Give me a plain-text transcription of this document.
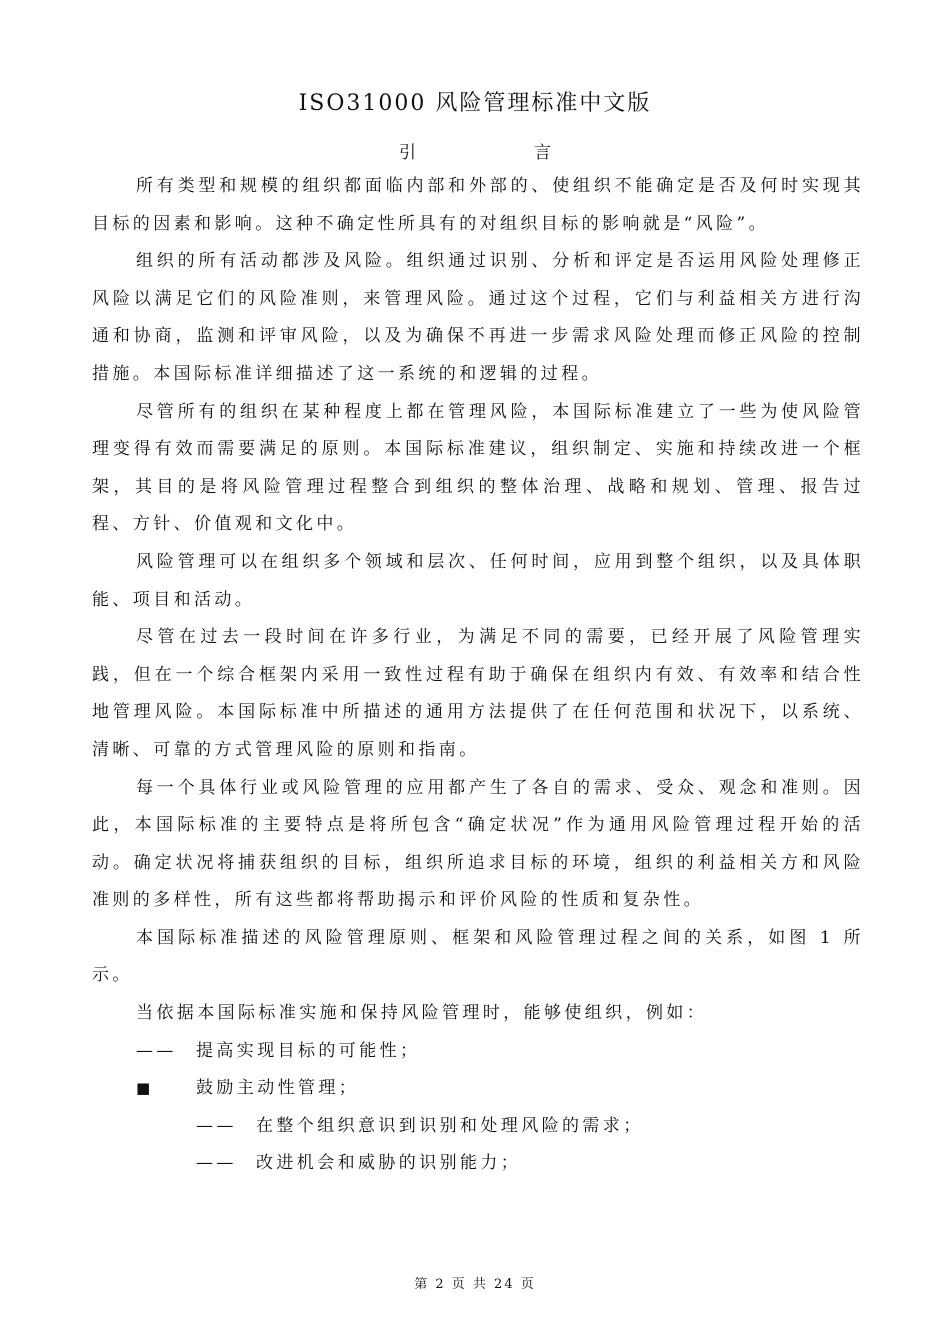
ISO31000 风险管理标准中文版
引	言

所有类型和规模的组织都面临内部和外部的、使组织不能确定是否及何时实现其目标的因素和影响。这种不确定性所具有的对组织目标的影响就是“风险”。

组织的所有活动都涉及风险。组织通过识别、分析和评定是否运用风险处理修正风险以满足它们的风险准则，来管理风险。通过这个过程，它们与利益相关方进行沟通和协商，监测和评审风险，以及为确保不再进一步需求风险处理而修正风险的控制措施。本国际标准详细描述了这一系统的和逻辑的过程。

尽管所有的组织在某种程度上都在管理风险，本国际标准建立了一些为使风险管理变得有效而需要满足的原则。本国际标准建议，组织制定、实施和持续改进一个框架，其目的是将风险管理过程整合到组织的整体治理、战略和规划、管理、报告过程、方针、价值观和文化中。

风险管理可以在组织多个领域和层次、任何时间，应用到整个组织，以及具体职能、项目和活动。

尽管在过去一段时间在许多行业，为满足不同的需要，已经开展了风险管理实践，但在一个综合框架内采用一致性过程有助于确保在组织内有效、有效率和结合性地管理风险。本国际标准中所描述的通用方法提供了在任何范围和状况下，以系统、清晰、可靠的方式管理风险的原则和指南。

每一个具体行业或风险管理的应用都产生了各自的需求、受众、观念和准则。因此，本国际标准的主要特点是将所包含“确定状况”作为通用风险管理过程开始的活动。确定状况将捕获组织的目标，组织所追求目标的环境，组织的利益相关方和风险准则的多样性，所有这些都将帮助揭示和评价风险的性质和复杂性。

本国际标准描述的风险管理原则、框架和风险管理过程之间的关系，如图 1 所示。

当依据本国际标准实施和保持风险管理时，能够使组织，例如：

——	提高实现目标的可能性；
■	鼓励主动性管理；
——	在整个组织意识到识别和处理风险的需求；
——	改进机会和威胁的识别能力；
第 2 页 共 24 页
